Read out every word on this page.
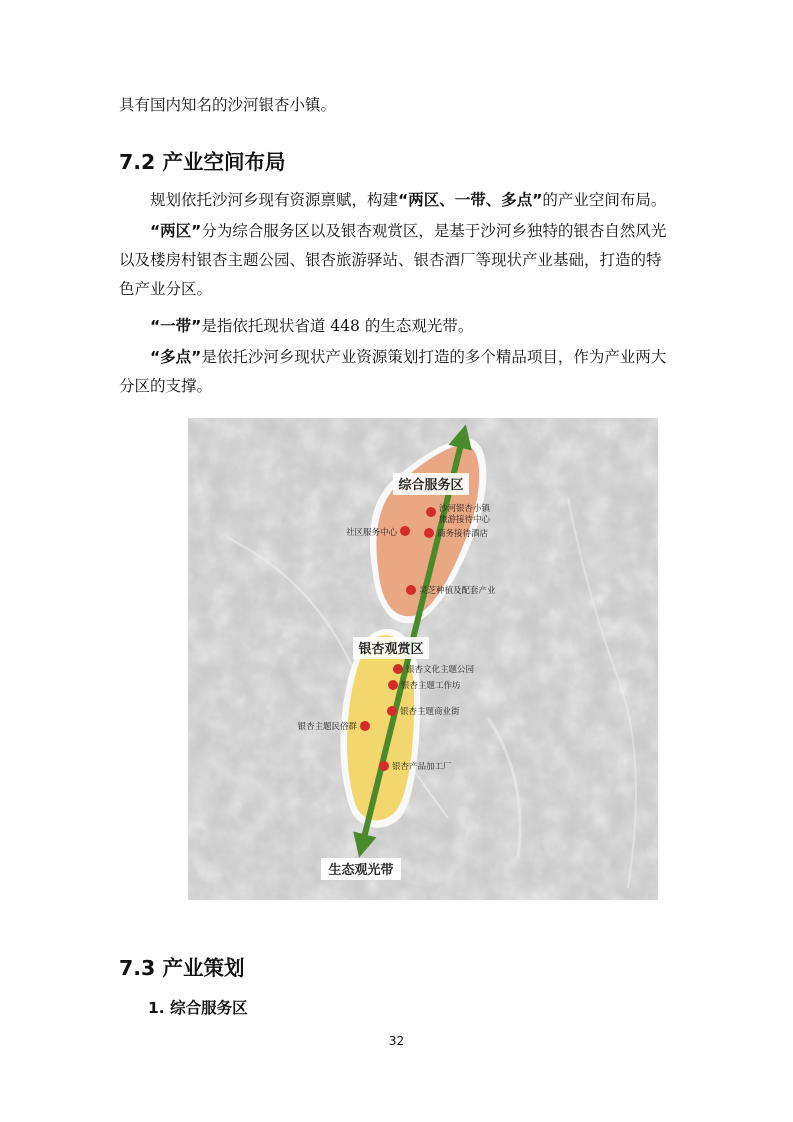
具有国内知名的沙河银杏小镇。

7.2 产业空间布局

规划依托沙河乡现有资源禀赋，构建“两区、一带、多点”的产业空间布局。

“两区”分为综合服务区以及银杏观赏区，是基于沙河乡独特的银杏自然风光以及楼房村银杏主题公园、银杏旅游驿站、银杏酒厂等现状产业基础，打造的特色产业分区。

“一带”是指依托现状省道 448 的生态观光带。

“多点”是依托沙河乡现状产业资源策划打造的多个精品项目，作为产业两大分区的支撑。

综合服务区
银杏观赏区
生态观光带
沙河银杏小镇
旅游接待中心
社区服务中心	商务接待酒店
灵芝种植及配套产业
银杏文化主题公园
银杏主题工作坊
银杏主题商业街
银杏主题民俗群
银杏产品加工厂
7.3 产业策划
1. 综合服务区
32
